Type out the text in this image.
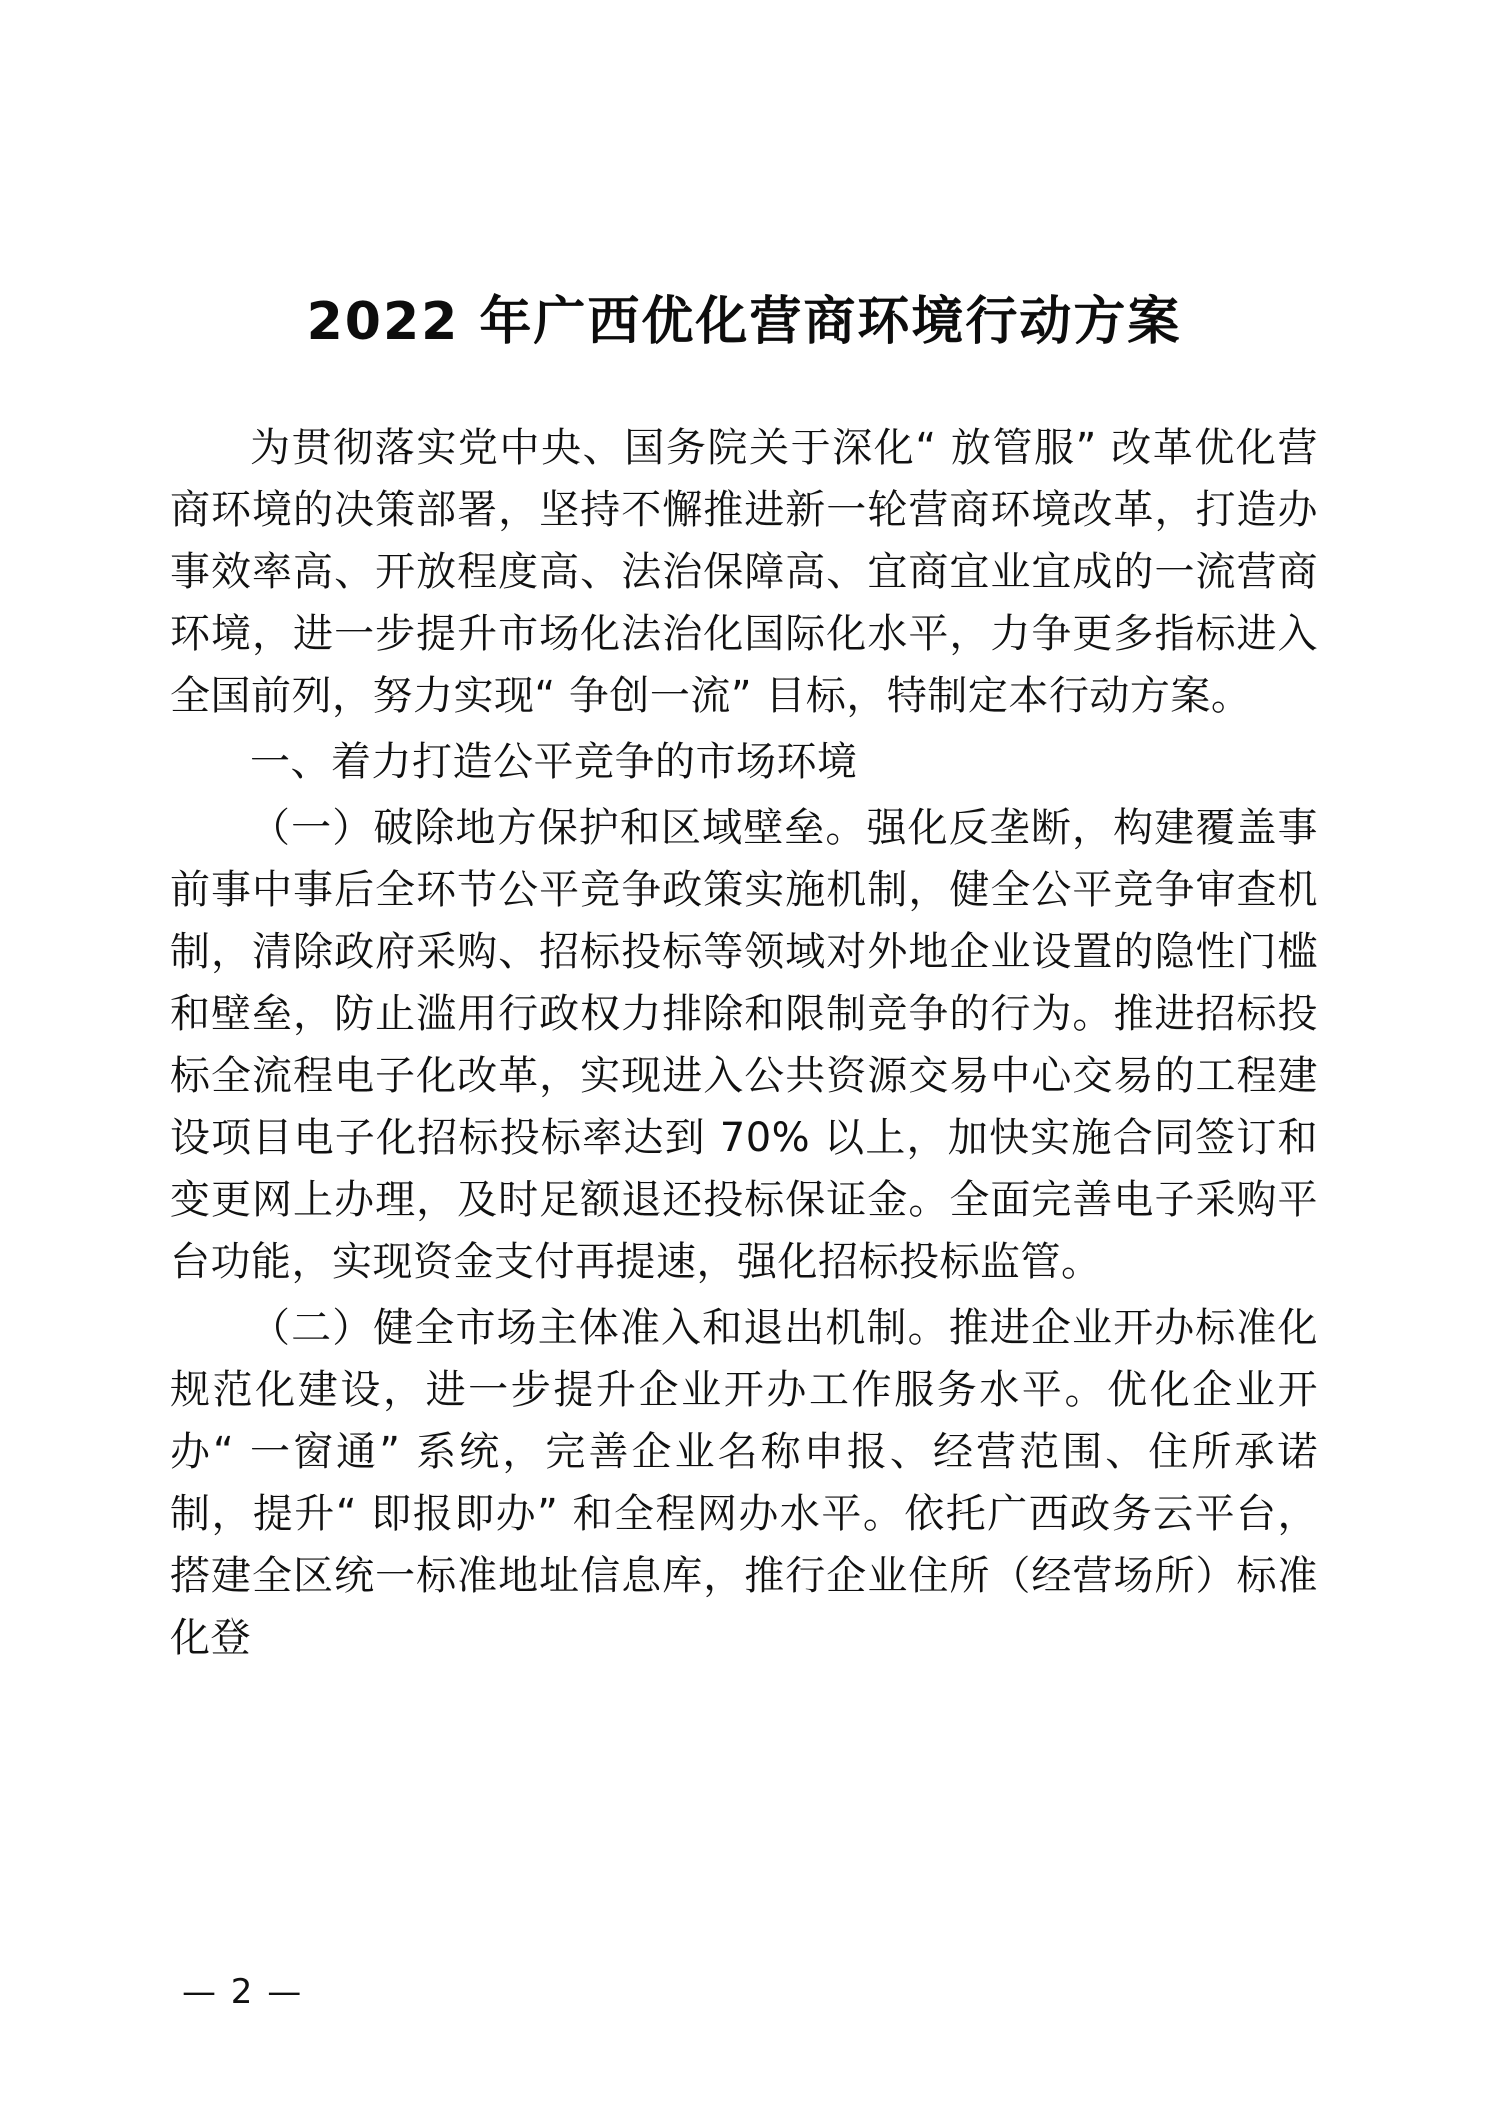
2022 年广西优化营商环境行动方案

为贯彻落实党中央、国务院关于深化“ 放管服” 改革优化营商环境的决策部署，坚持不懈推进新一轮营商环境改革，打造办事效率高、开放程度高、法治保障高、宜商宜业宜成的一流营商环境，进一步提升市场化法治化国际化水平，力争更多指标进入全国前列，努力实现“ 争创一流” 目标，特制定本行动方案。

一、着力打造公平竞争的市场环境

（一）破除地方保护和区域壁垒。强化反垄断，构建覆盖事前事中事后全环节公平竞争政策实施机制，健全公平竞争审查机制，清除政府采购、招标投标等领域对外地企业设置的隐性门槛和壁垒，防止滥用行政权力排除和限制竞争的行为。推进招标投标全流程电子化改革，实现进入公共资源交易中心交易的工程建设项目电子化招标投标率达到 70% 以上，加快实施合同签订和变更网上办理，及时足额退还投标保证金。全面完善电子采购平台功能，实现资金支付再提速，强化招标投标监管。

（二）健全市场主体准入和退出机制。推进企业开办标准化规范化建设，进一步提升企业开办工作服务水平。优化企业开办“ 一窗通” 系统，完善企业名称申报、经营范围、住所承诺制，提升“ 即报即办” 和全程网办水平。依托广西政务云平台，搭建全区统一标准地址信息库，推行企业住所（经营场所）标准化登

— 2 —
